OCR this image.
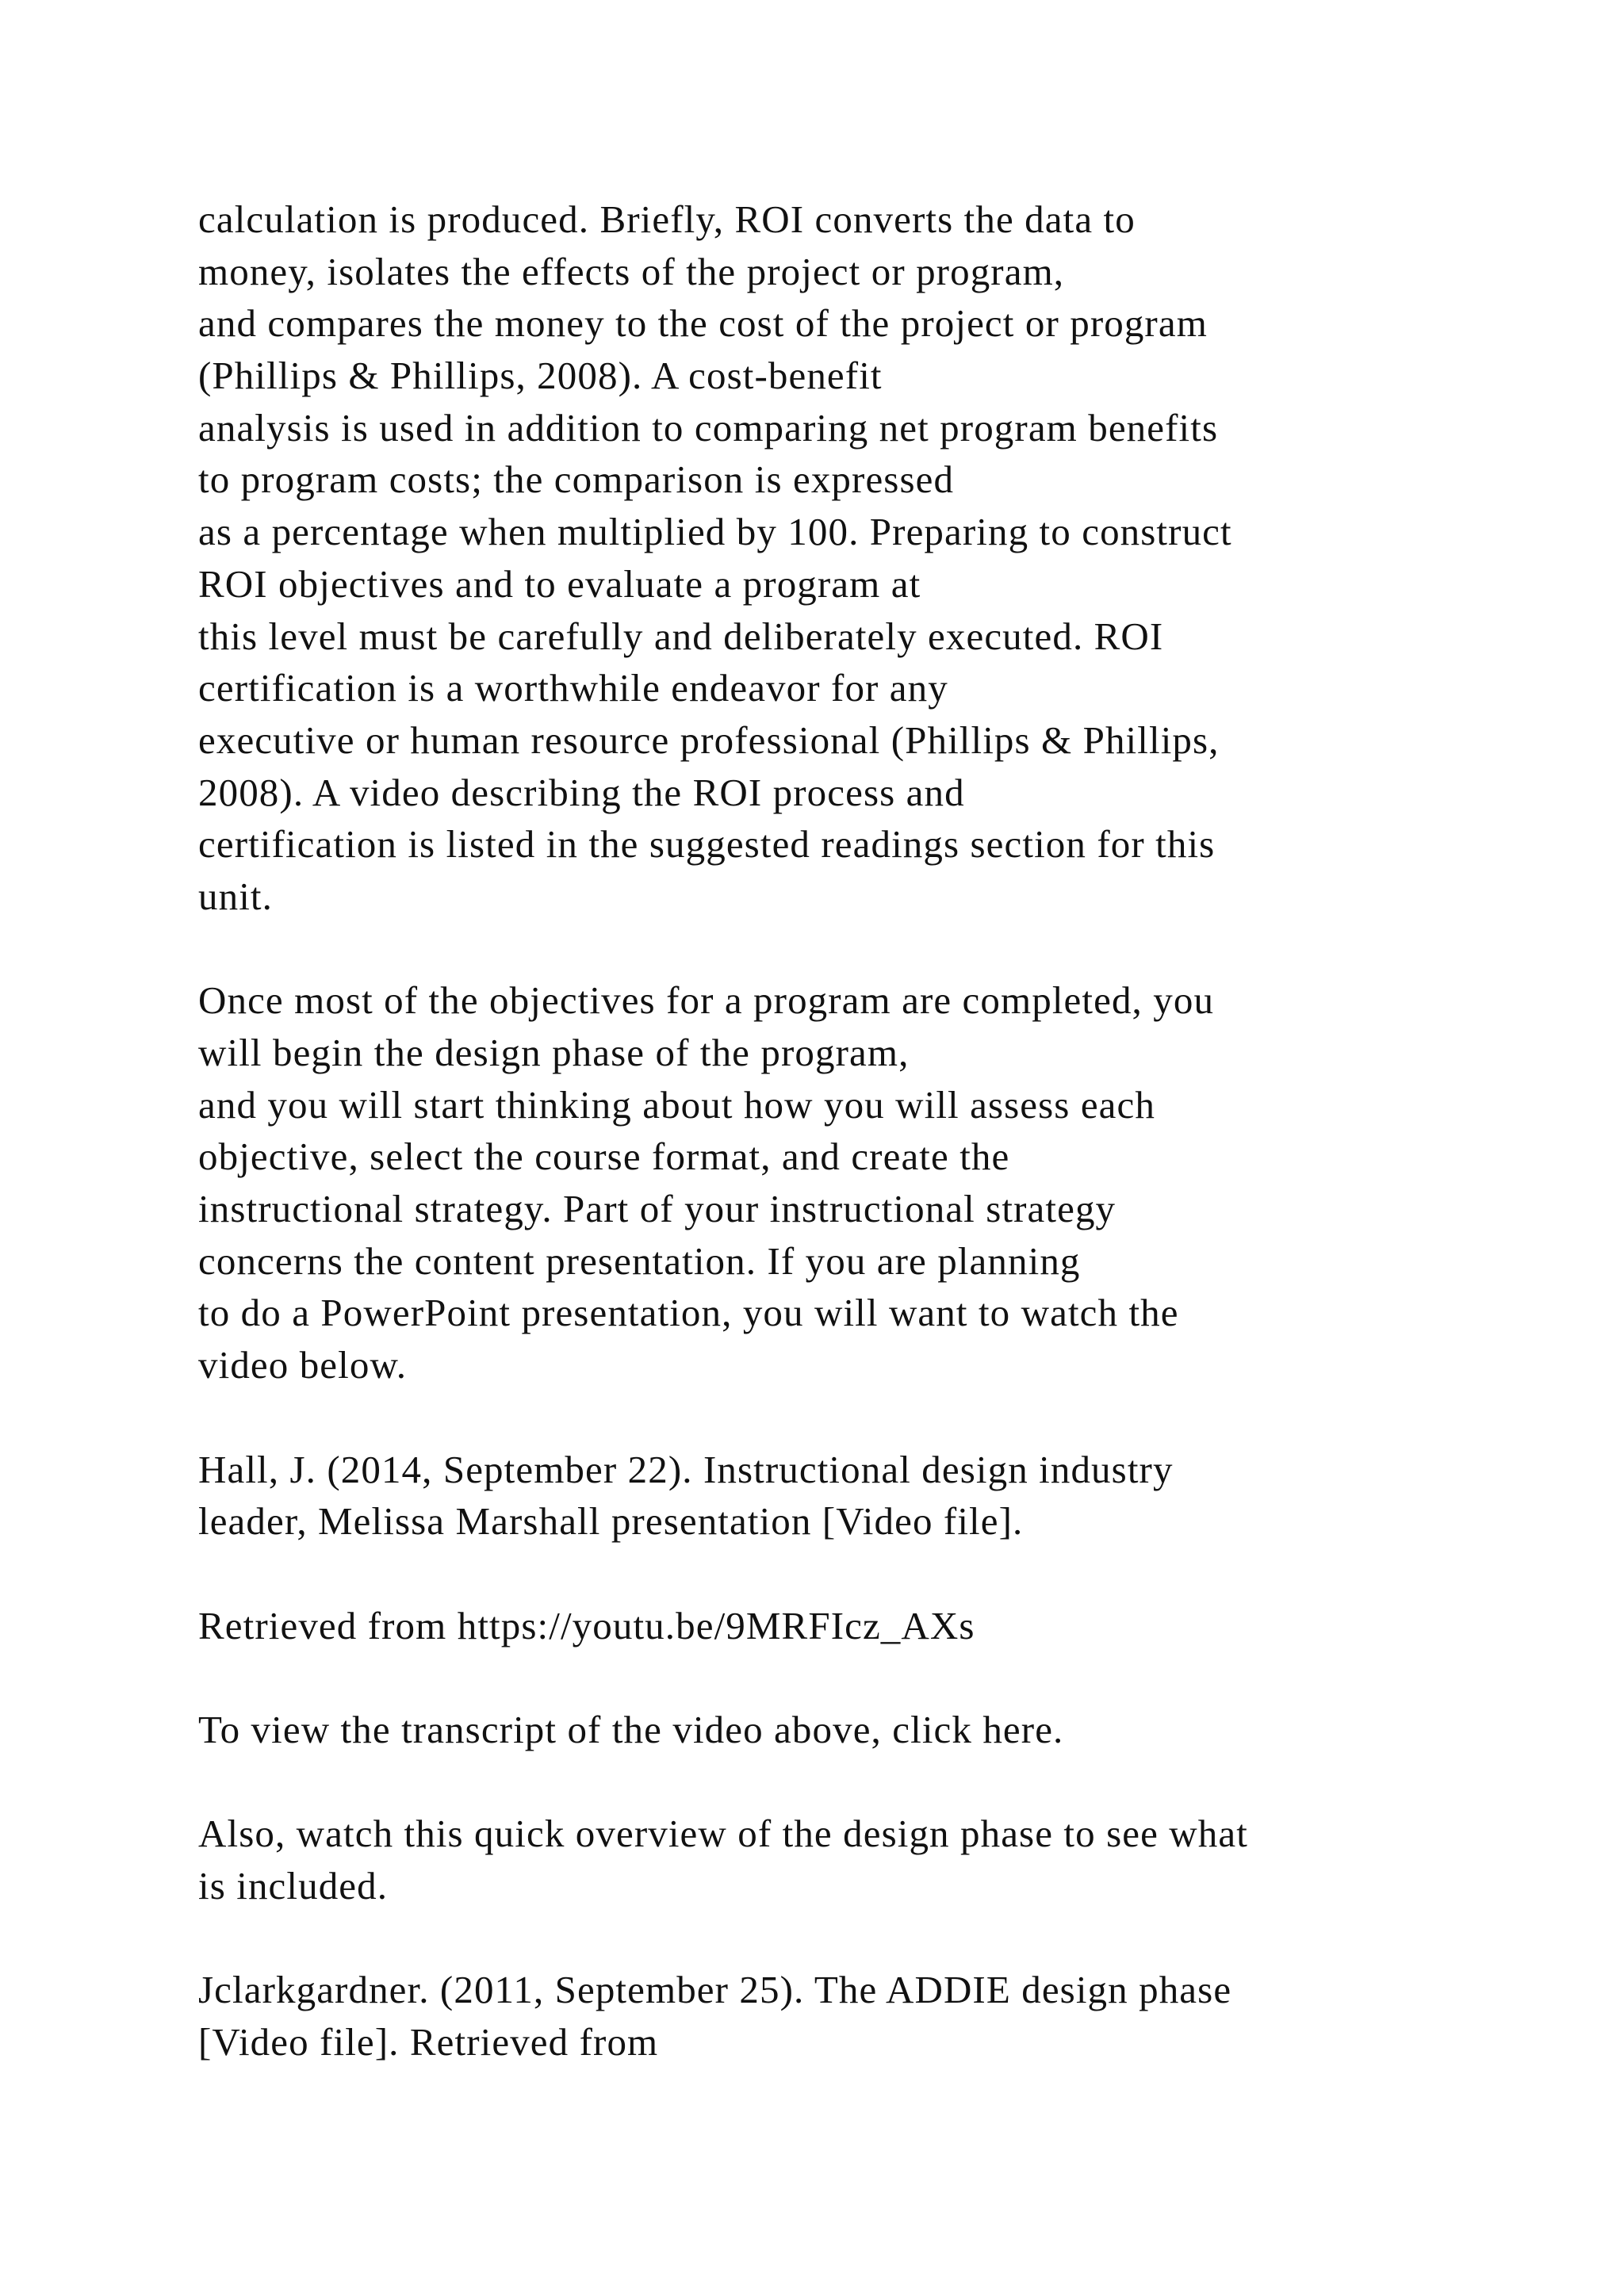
calculation is produced. Briefly, ROI converts the data to
money, isolates the effects of the project or program,
and compares the money to the cost of the project or program
(Phillips & Phillips, 2008). A cost-benefit
analysis is used in addition to comparing net program benefits
to program costs; the comparison is expressed
as a percentage when multiplied by 100. Preparing to construct
ROI objectives and to evaluate a program at
this level must be carefully and deliberately executed. ROI
certification is a worthwhile endeavor for any
executive or human resource professional (Phillips & Phillips,
2008). A video describing the ROI process and
certification is listed in the suggested readings section for this
unit.
Once most of the objectives for a program are completed, you
will begin the design phase of the program,
and you will start thinking about how you will assess each
objective, select the course format, and create the
instructional strategy. Part of your instructional strategy
concerns the content presentation. If you are planning
to do a PowerPoint presentation, you will want to watch the
video below.
Hall, J. (2014, September 22). Instructional design industry
leader, Melissa Marshall presentation [Video file].
Retrieved from https://youtu.be/9MRFIcz_AXs
To view the transcript of the video above, click here.
Also, watch this quick overview of the design phase to see what
is included.
Jclarkgardner. (2011, September 25). The ADDIE design phase
[Video file]. Retrieved from
